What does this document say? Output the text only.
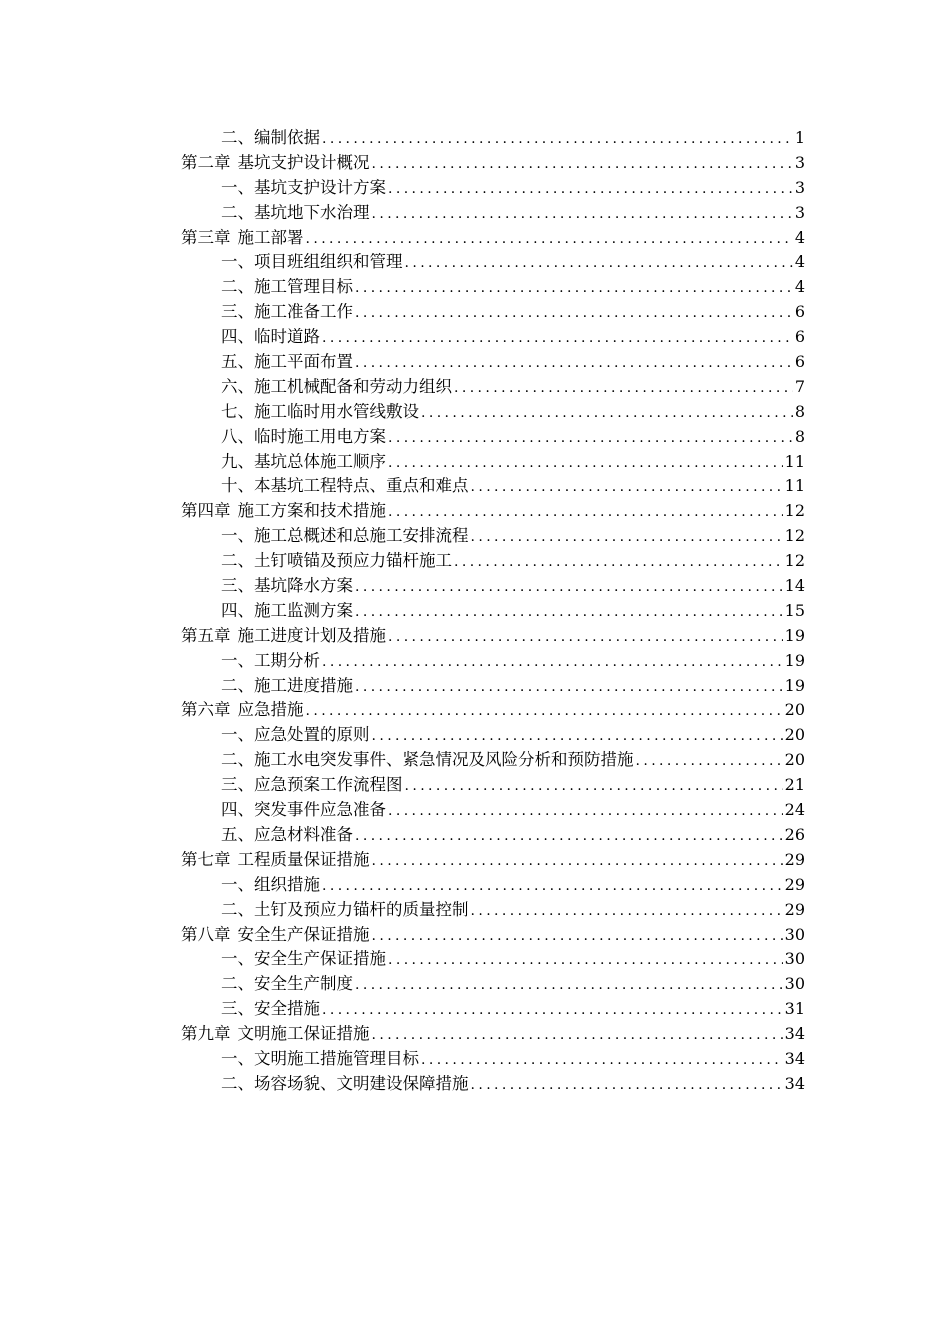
二、编制依据 .....	1
第二章 基坑支护设计概况 .....	3
一、基坑支护设计方案 .....	3
二、基坑地下水治理 .....	3
第三章 施工部署 .....	4
一、项目班组组织和管理 .....	4
二、施工管理目标 .....	4
三、施工准备工作 .....	6
四、临时道路 .....	6
五、施工平面布置 .....	6
六、施工机械配备和劳动力组织 .....	7
七、施工临时用水管线敷设 .....	8
八、临时施工用电方案 .....	8
九、基坑总体施工顺序 .....	11
十、本基坑工程特点、重点和难点 .....	11
第四章 施工方案和技术措施 .....	12
一、施工总概述和总施工安排流程 .....	12
二、土钉喷锚及预应力锚杆施工 .....	12
三、基坑降水方案 .....	14
四、施工监测方案 .....	15
第五章 施工进度计划及措施 .....	19
一、工期分析 .....	19
二、施工进度措施 .....	19
第六章 应急措施 .....	20
一、应急处置的原则 .....	20
二、施工水电突发事件、紧急情况及风险分析和预防措施 .....	20
三、应急预案工作流程图 .....	21
四、突发事件应急准备 .....	24
五、应急材料准备 .....	26
第七章 工程质量保证措施 .....	29
一、组织措施 .....	29
二、土钉及预应力锚杆的质量控制 .....	29
第八章 安全生产保证措施 .....	30
一、安全生产保证措施 .....	30
二、安全生产制度 .....	30
三、安全措施 .....	31
第九章 文明施工保证措施 .....	34
一、文明施工措施管理目标 .....	34
二、场容场貌、文明建设保障措施 .....	34
